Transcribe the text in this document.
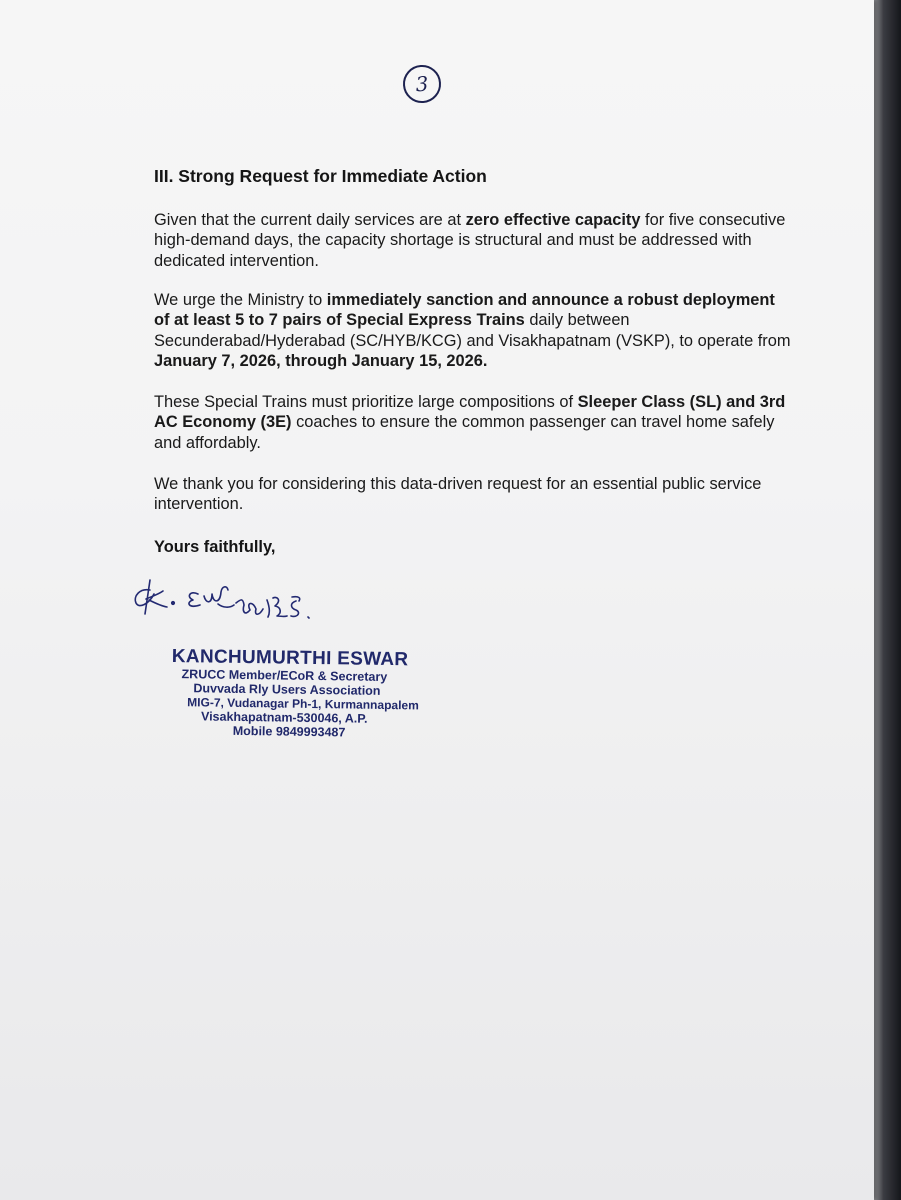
3
III. Strong Request for Immediate Action

Given that the current daily services are at zero effective capacity for five consecutive high-demand days, the capacity shortage is structural and must be addressed with dedicated intervention.

We urge the Ministry to immediately sanction and announce a robust deployment of at least 5 to 7 pairs of Special Express Trains daily between Secunderabad/Hyderabad (SC/HYB/KCG) and Visakhapatnam (VSKP), to operate from January 7, 2026, through January 15, 2026.

These Special Trains must prioritize large compositions of Sleeper Class (SL) and 3rd AC Economy (3E) coaches to ensure the common passenger can travel home safely and affordably.

We thank you for considering this data-driven request for an essential public service intervention.

Yours faithfully,
KANCHUMURTHI ESWAR
ZRUCC Member/ECoR & Secretary
Duvvada Rly Users Association
MIG-7, Vudanagar Ph-1, Kurmannapalem
Visakhapatnam-530046, A.P.
Mobile 9849993487
